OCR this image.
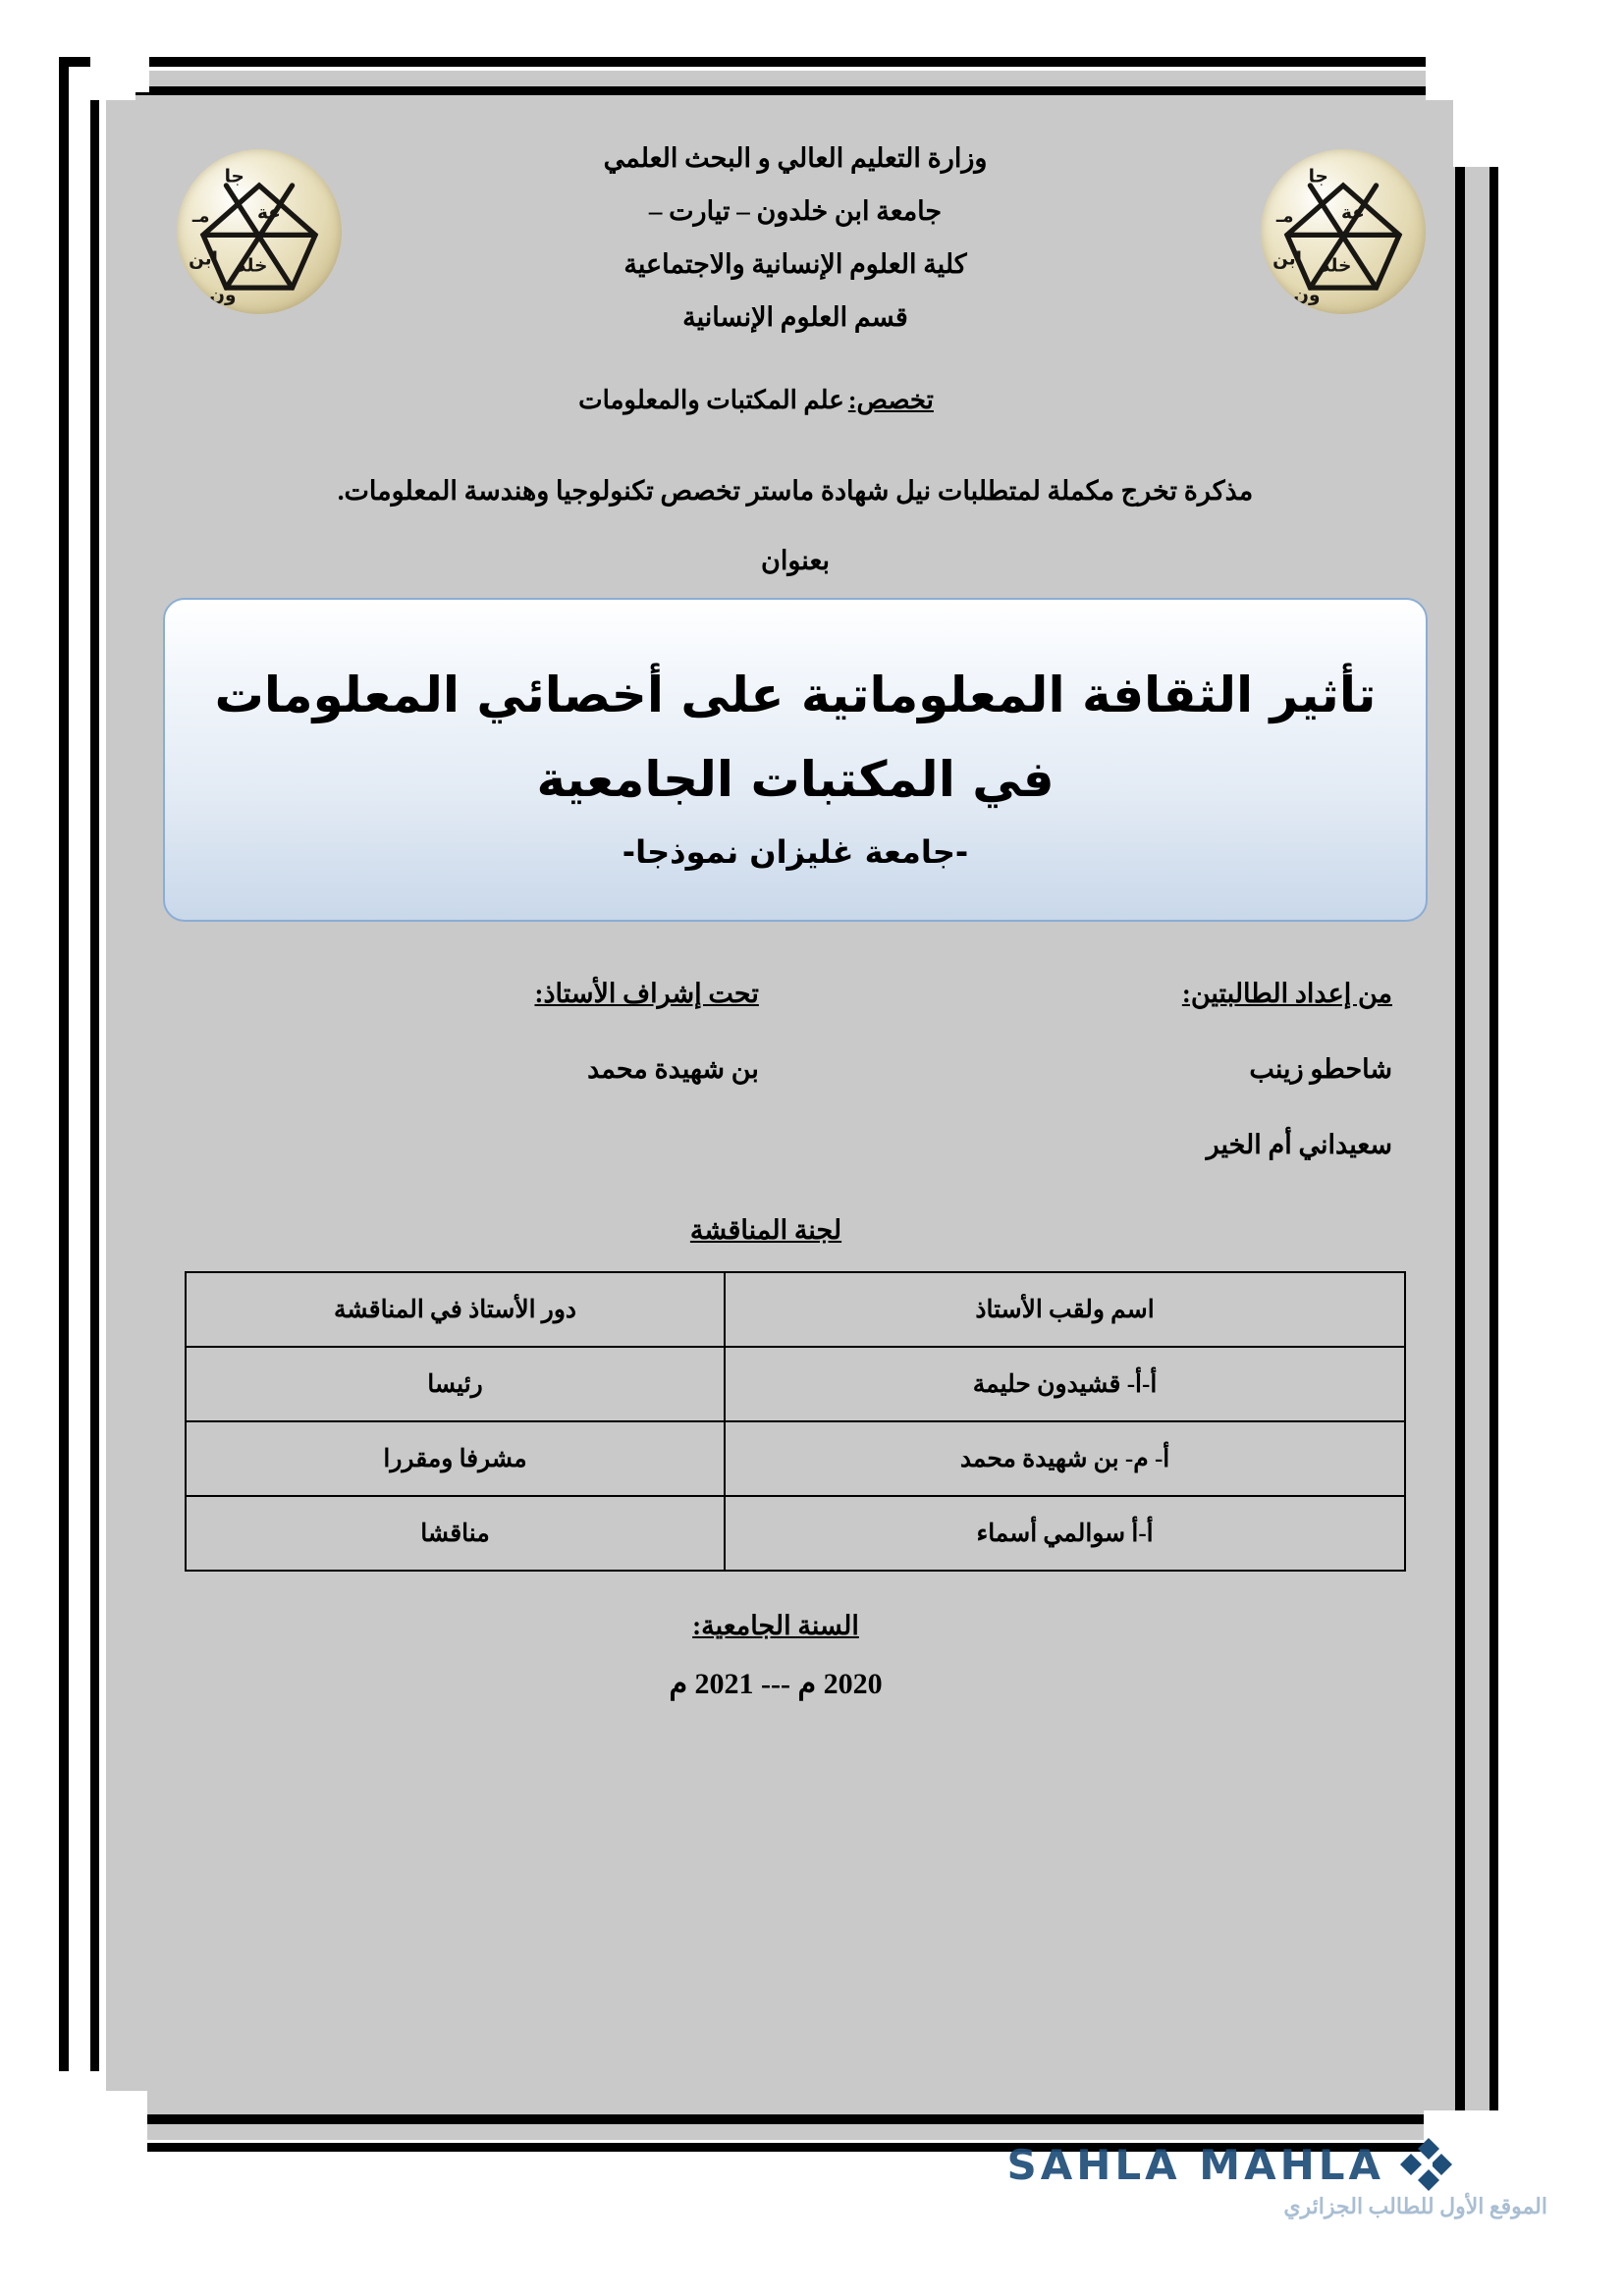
جا
مـ	عة
ابن خلد
ون
جا
مـ	عة
ابن خلد
ون
وزارة التعليم العالي و البحث العلمي
جامعة ابن خلدون – تيارت –
كلية العلوم الإنسانية والاجتماعية
قسم العلوم الإنسانية
تخصص: علم المكتبات والمعلومات
مذكرة تخرج مكملة لمتطلبات نيل شهادة ماستر تخصص تكنولوجيا وهندسة المعلومات.
بعنوان
تأثير الثقافة المعلوماتية على أخصائي المعلومات في المكتبات الجامعية
-جامعة غليزان نموذجا-
من إعداد الطالبتين:
شاحطو زينب
سعيداني أم الخير
تحت إشراف الأستاذ:
بن شهيدة محمد
لجنة المناقشة
اسم ولقب الأستاذ	دور الأستاذ في المناقشة
أ-أ- قشيدون حليمة	رئيسا
أ- م- بن شهيدة محمد	مشرفا ومقررا
أ-أ سوالمي أسماء	مناقشا
السنة الجامعية:
2020 م --- 2021 م
SAHLA MAHLA
الموقع الأول للطالب الجزائري
